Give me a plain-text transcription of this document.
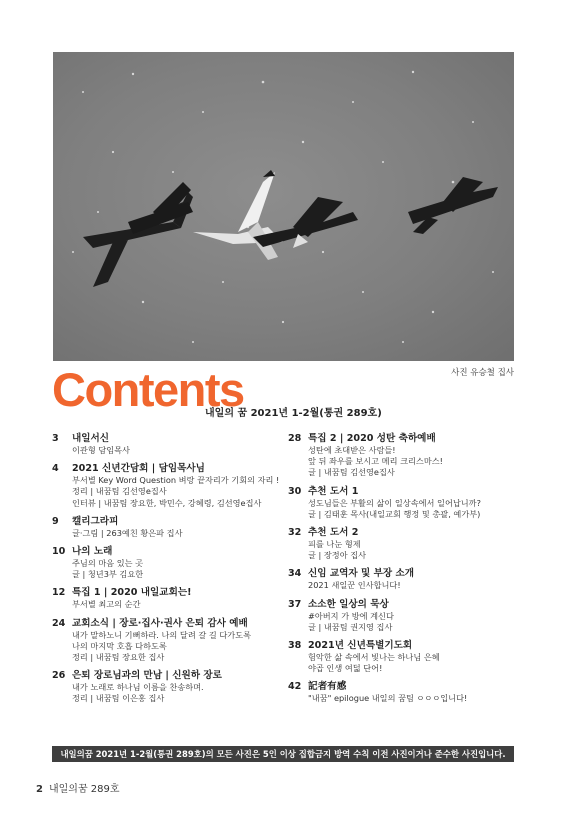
사진 유승철 집사
Contents
내일의 꿈 2021년 1-2월(통권 289호)
3	내일서신
이관형 담임목사
4	2021 신년간담회 | 담임목사님
부서별 Key Word Question 벼랑 끝자리가 기회의 자리 !
정리 | 내꿈팀 김선영e집사
인터뷰 | 내꿈팀 장요한, 박민수, 강혜령, 김선영e집사
9	캘리그라피
글·그림 | 263예친 황은파 집사
10 나의 노래
주님의 마음 있는 곳
글 | 청년3부 김요한
12 특집 1 | 2020 내일교회는!
부서별 최고의 순간
24 교회소식 | 장로·집사·권사 은퇴 감사 예배
내가 말하노니 기뻐하라. 나의 달려 갈 길 다가도록
나의 마지막 호흡 다하도록
정리 | 내꿈팀 장요한 집사
26 은퇴 장로님과의 만남 | 신원하 장로
내가 노래로 하나님 이름을 찬송하며.
정리 | 내꿈팀 이은홍 집사
28 특집 2 | 2020 성탄 축하예배
성탄에 초대받은 사람들!
앞 뒤 좌우를 보시고 메리 크리스마스!
글 | 내꿈팀 김선영e집사
30 추천 도서 1
성도님들은 부활의 삶이 일상속에서 일어납니까?
글 | 김태훈 목사(내일교회 행정 및 총괄, 예가부)
32 추천 도서 2
피를 나눈 형제
글 | 장정아 집사
34 신임 교역자 및 부장 소개
2021 새일꾼 인사합니다!
37 소소한 일상의 묵상
#아버지 가 방에 계신다
글 | 내꿈팀 권지영 집사
38 2021년 신년특별기도회
험악한 삶 속에서 빛나는 하나님 은혜
야곱 인생 여덟 단어!
42 記者有感
"내꿈" epilogue 내일의 꿈팀 ㅇㅇㅇ입니다!
내일의꿈 2021년 1-2월(통권 289호)의 모든 사진은 5인 이상 집합금지 방역 수칙 이전 사진이거나 준수한 사진입니다.
2 내일의꿈 289호
